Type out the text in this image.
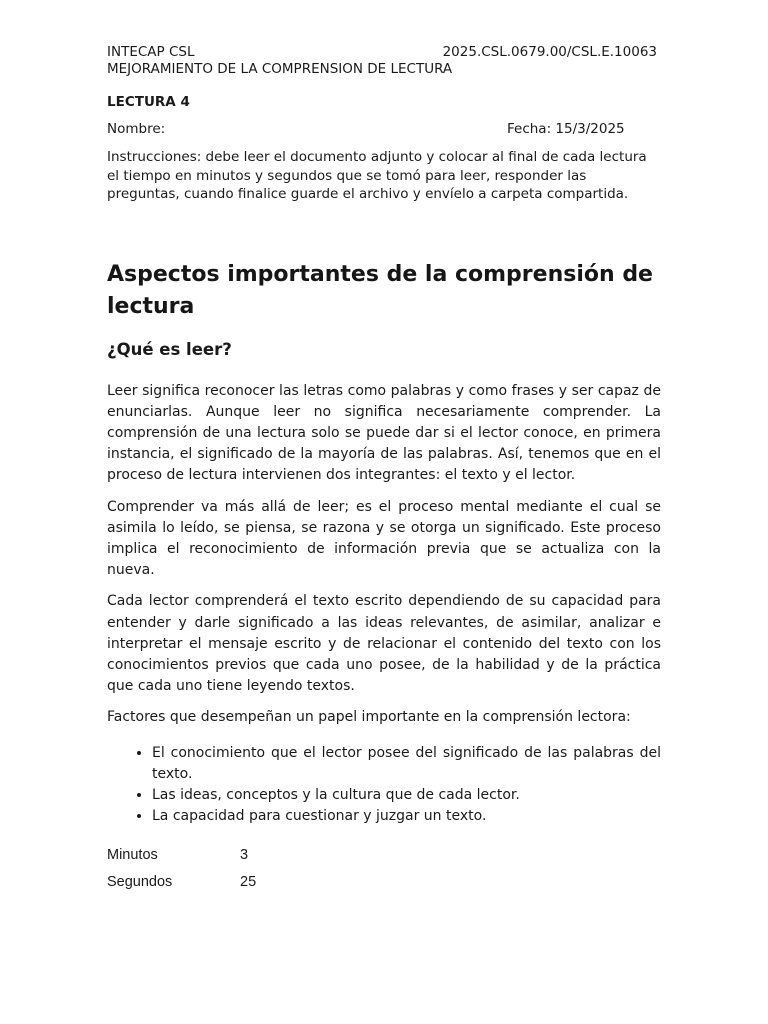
INTECAP CSL	2025.CSL.0679.00/CSL.E.10063
MEJORAMIENTO DE LA COMPRENSION DE LECTURA
LECTURA 4
Nombre:	Fecha: 15/3/2025
Instrucciones: debe leer el documento adjunto y colocar al final de cada lectura el tiempo en minutos y segundos que se tomó para leer, responder las preguntas, cuando finalice guarde el archivo y envíelo a carpeta compartida.
Aspectos importantes de la comprensión de lectura
¿Qué es leer?
Leer significa reconocer las letras como palabras y como frases y ser capaz de enunciarlas. Aunque leer no significa necesariamente comprender. La comprensión de una lectura solo se puede dar si el lector conoce, en primera instancia, el significado de la mayoría de las palabras. Así, tenemos que en el proceso de lectura intervienen dos integrantes: el texto y el lector.
Comprender va más allá de leer; es el proceso mental mediante el cual se asimila lo leído, se piensa, se razona y se otorga un significado. Este proceso implica el reconocimiento de información previa que se actualiza con la nueva.
Cada lector comprenderá el texto escrito dependiendo de su capacidad para entender y darle significado a las ideas relevantes, de asimilar, analizar e interpretar el mensaje escrito y de relacionar el contenido del texto con los conocimientos previos que cada uno posee, de la habilidad y de la práctica que cada uno tiene leyendo textos.
Factores que desempeñan un papel importante en la comprensión lectora:
• El conocimiento que el lector posee del significado de las palabras del texto.
• Las ideas, conceptos y la cultura que de cada lector.
• La capacidad para cuestionar y juzgar un texto.
Minutos	3
Segundos	25
